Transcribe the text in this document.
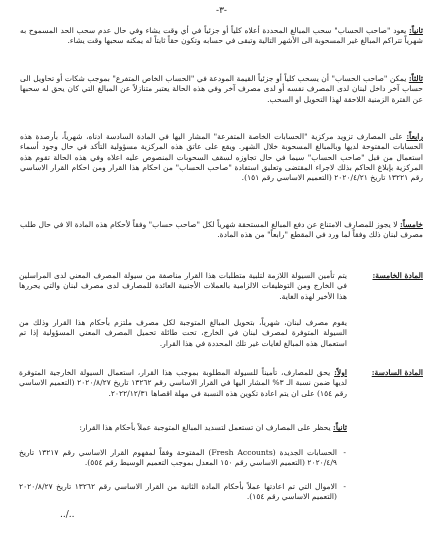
-٣-
ثانياً: يعود "صاحب الحساب" سحب المبالغ المحددة أعلاه كلياً أو جزئياً في أي وقت يشاء وفي حال عدم سحب الحد المسموح به شهرياً تتراكم المبالغ غير المسحوبة الى الأشهر التالية وتبقى في حسابه وتكون حقاً ثابتاً له يمكنه سحبها وقت يشاء.
ثالثاً: يمكن "صاحب الحساب" أن يسحب كلياً أو جزئياً القيمة المودعة في "الحساب الخاص المتفرع" بموجب شكات أو تحاويل الى حساب آخر داخل لبنان لدى المصرف نفسه أو لدى مصرف آخر وفي هذه الحالة يعتبر متنازلاً عن المبالغ التي كان يحق له سحبها عن الفترة الزمنية اللاحقة لهذا التحويل او السحب.
رابعاً: على المصارف تزويد مركزية "الحسابات الخاصة المتفرعة" المشار اليها في المادة السادسة ادناه، شهرياً، بأرصدة هذه الحسابات المفتوحة لديها وبالمبالغ المسحوبة خلال الشهر. ويقع على عاتق هذه المركزية مسؤولية التأكد في حال وجود أسماء استعمال من قبل "صاحب الحساب" سيما في حال تجاوزه لسقف السحوبات المنصوص عليه اعلاه وفي هذه الحالة تقوم هذه المركزية بإبلاغ الحاكم بذلك لاجراء المقتضى وتعليق استفادة "صاحب الحساب" من احكام هذا القرار ومن احكام القرار الاساسي رقم ١٣٢٢١ تاريخ ٢٠٢٠/٤/٢١ (التعميم الاساسي رقم ١٥١).
خامساً: لا يجوز للمصارف الامتناع عن دفع المبالغ المستحقة شهرياً لكل "صاحب حساب" وفقاً لأحكام هذه المادة الا في حال طلب مصرف لبنان ذلك وفقاً لما ورد في المقطع "رابعاً" من هذه المادة.
المادة الخامسة:
يتم تأمين السيولة اللازمة لتلبية متطلبات هذا القرار مناصفة من سيولة المصرف المعني لدى المراسلين في الخارج ومن التوظيفات الالزامية بالعملات الأجنبية العائدة للمصارف لدى مصرف لبنان والتي يحررها هذا الأخير لهذه الغاية.
يقوم مصرف لبنان، شهرياً، بتحويل المبالغ المتوجبة لكل مصرف ملتزم بأحكام هذا القرار وذلك من السيولة المتوفرة لمصرف لبنان في الخارج، تحت طائلة تحميل المصرف المعني المسؤولية إذا تم استعمال هذه المبالغ لغايات غير تلك المحددة في هذا القرار.
المادة السادسة:
اولاً: يحق للمصارف، تأميناً للسيولة المطلوبة بموجب هذا القرار، استعمال السيولة الخارجية المتوفرة لديها ضمن نسبة الـ ٣% المشار اليها في القرار الاساسي رقم ١٣٢٦٢ تاريخ ٢٠٢٠/٨/٢٧ (التعميم الاساسي رقم ١٥٤) على ان يتم اعادة تكوين هذه النسبة في مهلة اقصاها ٢٠٢٢/١٢/٣١.
ثانياً: يحظر على المصارف ان تستعمل لتسديد المبالغ المتوجبة عملاً بأحكام هذا القرار:
- الحسابات الجديدة (Fresh Accounts) المفتوحة وفقاً لمفهوم القرار الاساسي رقم ١٣٢١٧ تاريخ ٢٠٢٠/٤/٩ (التعميم الاساسي رقم ١٥٠ المعدل بموجب التعميم الوسيط رقم ٥٥٤).
- الاموال التي تم اعادتها عملاً بأحكام المادة الثانية من القرار الاساسي رقم ١٣٢٦٢ تاريخ ٢٠٢٠/٨/٢٧ (التعميم الاساسي رقم ١٥٤).
../..
